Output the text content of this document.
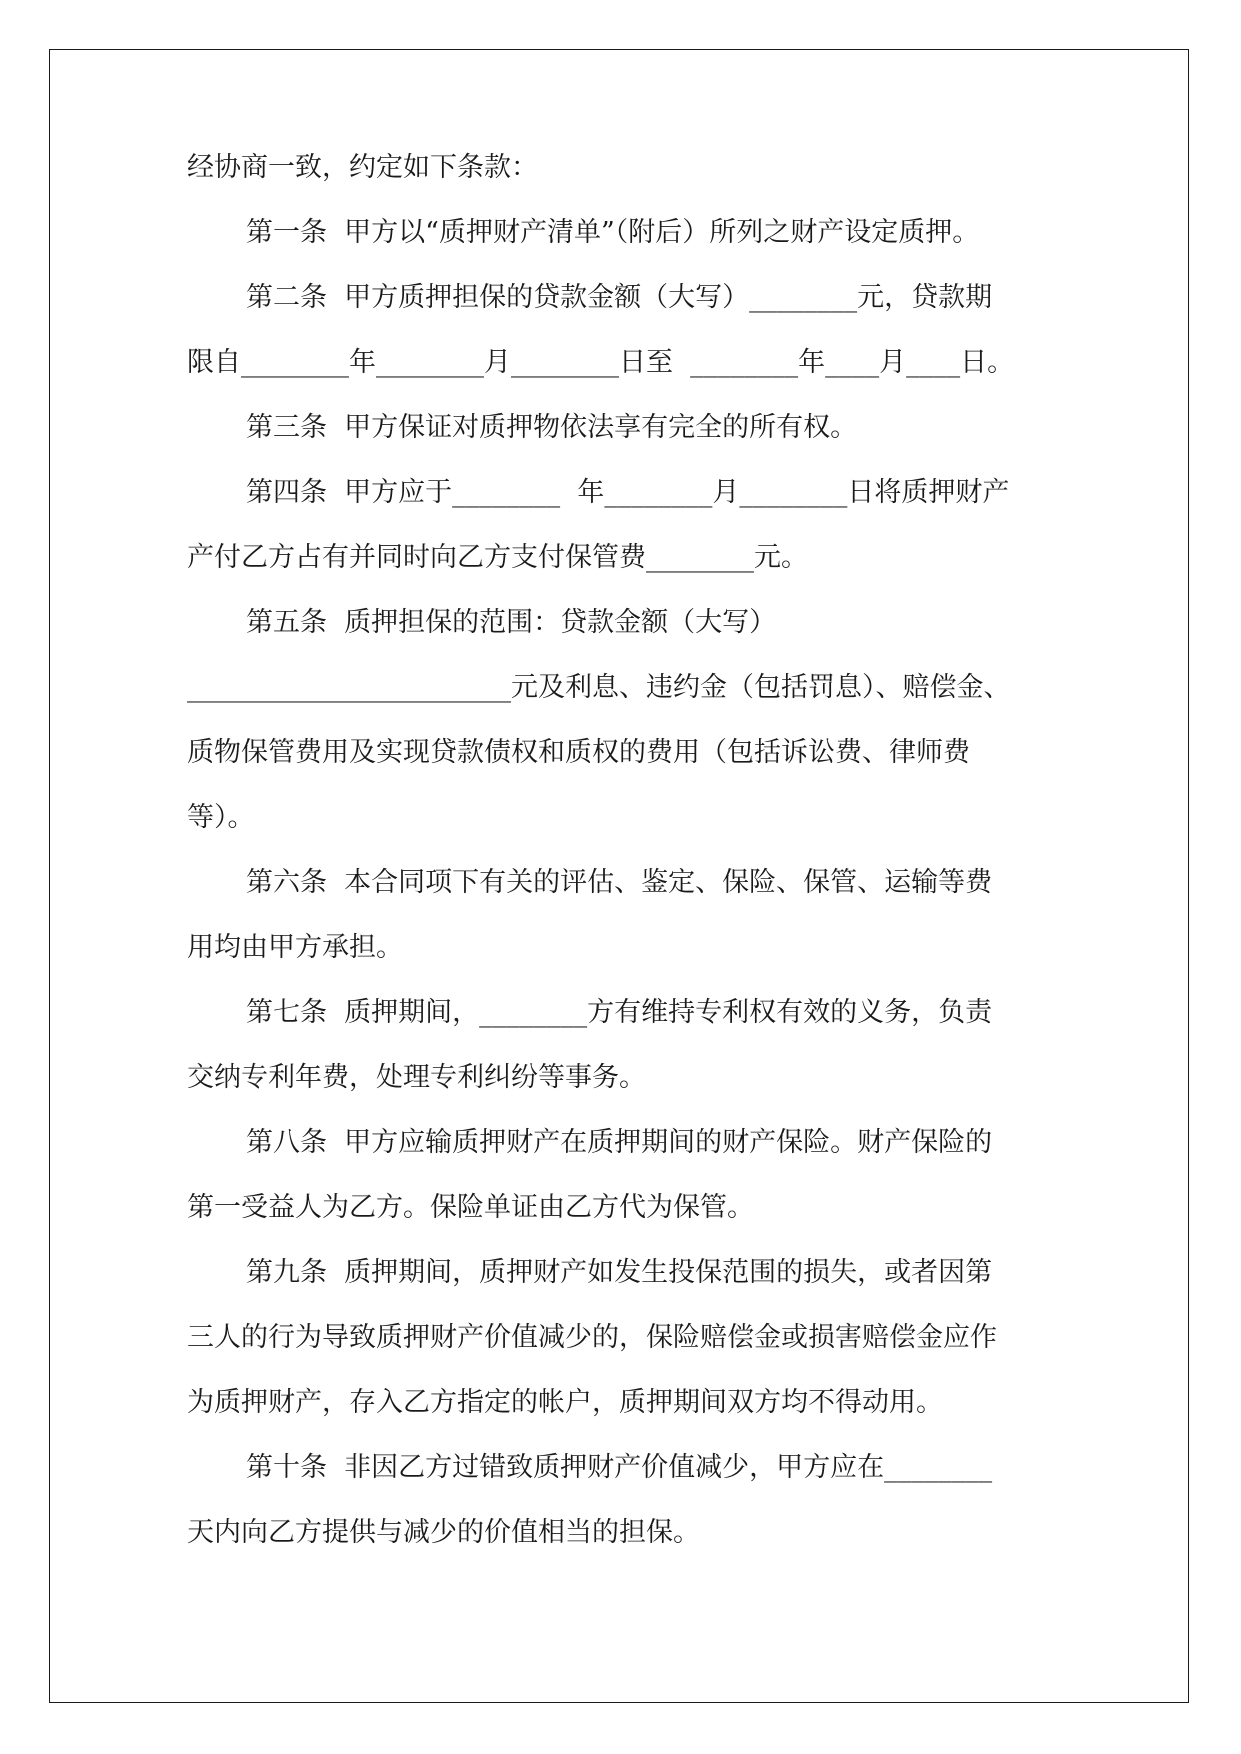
经协商一致，约定如下条款：
第一条  甲方以“质押财产清单”（附后）所列之财产设定质押。
第二条  甲方质押担保的贷款金额（大写）________元，贷款期
限自________年________月________日至  ________年____月____日。
第三条  甲方保证对质押物依法享有完全的所有权。
第四条  甲方应于________  年________月________日将质押财产
产付乙方占有并同时向乙方支付保管费________元。
第五条  质押担保的范围：贷款金额（大写）
________________________元及利息、违约金（包括罚息）、赔偿金、
质物保管费用及实现贷款债权和质权的费用（包括诉讼费、律师费
等）。
第六条  本合同项下有关的评估、鉴定、保险、保管、运输等费
用均由甲方承担。
第七条  质押期间，________方有维持专利权有效的义务，负责
交纳专利年费，处理专利纠纷等事务。
第八条  甲方应输质押财产在质押期间的财产保险。财产保险的
第一受益人为乙方。保险单证由乙方代为保管。
第九条  质押期间，质押财产如发生投保范围的损失，或者因第
三人的行为导致质押财产价值减少的，保险赔偿金或损害赔偿金应作
为质押财产，存入乙方指定的帐户，质押期间双方均不得动用。
第十条  非因乙方过错致质押财产价值减少，甲方应在________
天内向乙方提供与减少的价值相当的担保。
